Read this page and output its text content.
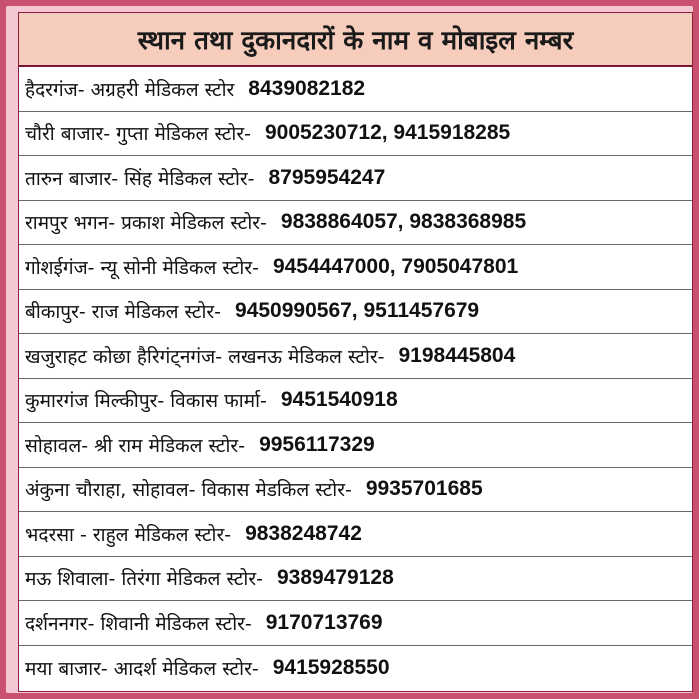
स्थान तथा दुकानदारों के नाम व मोबाइल नम्बर
हैदरगंज- अग्रहरी मेडिकल स्टोर 8439082182
चौरी बाजार- गुप्ता मेडिकल स्टोर- 9005230712, 9415918285
तारुन बाजार- सिंह मेडिकल स्टोर- 8795954247
रामपुर भगन- प्रकाश मेडिकल स्टोर- 9838864057, 9838368985
गोशईगंज- न्यू सोनी मेडिकल स्टोर- 9454447000, 7905047801
बीकापुर- राज मेडिकल स्टोर- 9450990567, 9511457679
खजुराहट कोछा हैरिगंट्नगंज- लखनऊ मेडिकल स्टोर- 9198445804
कुमारगंज मिल्कीपुर- विकास फार्मा- 9451540918
सोहावल- श्री राम मेडिकल स्टोर- 9956117329
अंकुना चौराहा, सोहावल- विकास मेडकिल स्टोर- 9935701685
भदरसा - राहुल मेडिकल स्टोर- 9838248742
मऊ शिवाला- तिरंगा मेडिकल स्टोर- 9389479128
दर्शननगर- शिवानी मेडिकल स्टोर- 9170713769
मया बाजार- आदर्श मेडिकल स्टोर- 9415928550
